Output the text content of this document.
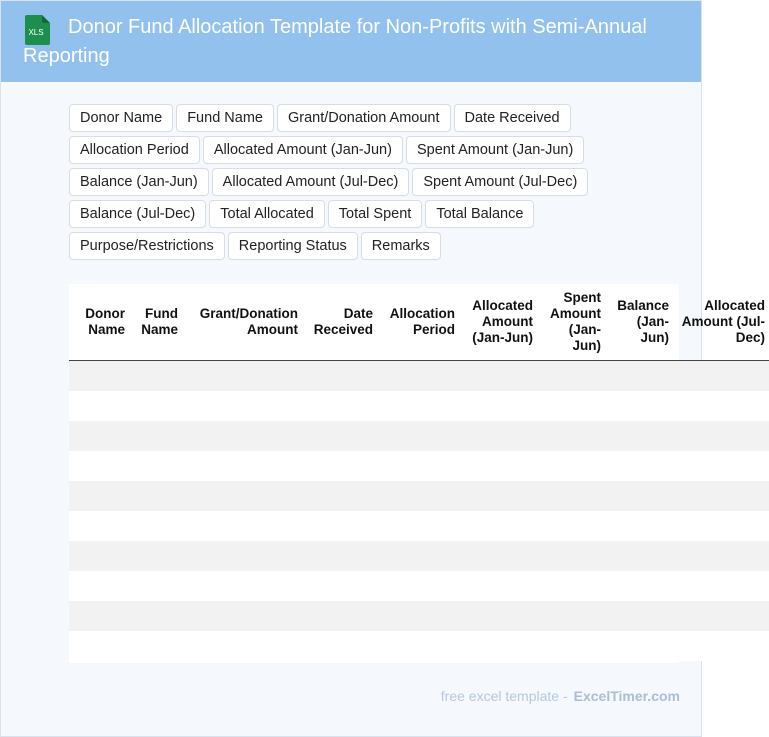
XLS	Donor Fund Allocation Template for Non-Profits with Semi-Annual Reporting
Donor Name	Fund Name	Grant/Donation Amount	Date Received
Allocation Period	Allocated Amount (Jan-Jun)	Spent Amount (Jan-Jun)
Balance (Jan-Jun)	Allocated Amount (Jul-Dec)	Spent Amount (Jul-Dec)
Balance (Jul-Dec)	Total Allocated	Total Spent	Total Balance
Purpose/Restrictions	Reporting Status	Remarks
Donor Name	Fund Name	Grant/Donation Amount	Date Received	Allocation Period	Allocated Amount (Jan-Jun)	Spent Amount (Jan-Jun)	Balance (Jan-Jun)	Allocated Amount (Jul-Dec)

free excel template - ExcelTimer.com
